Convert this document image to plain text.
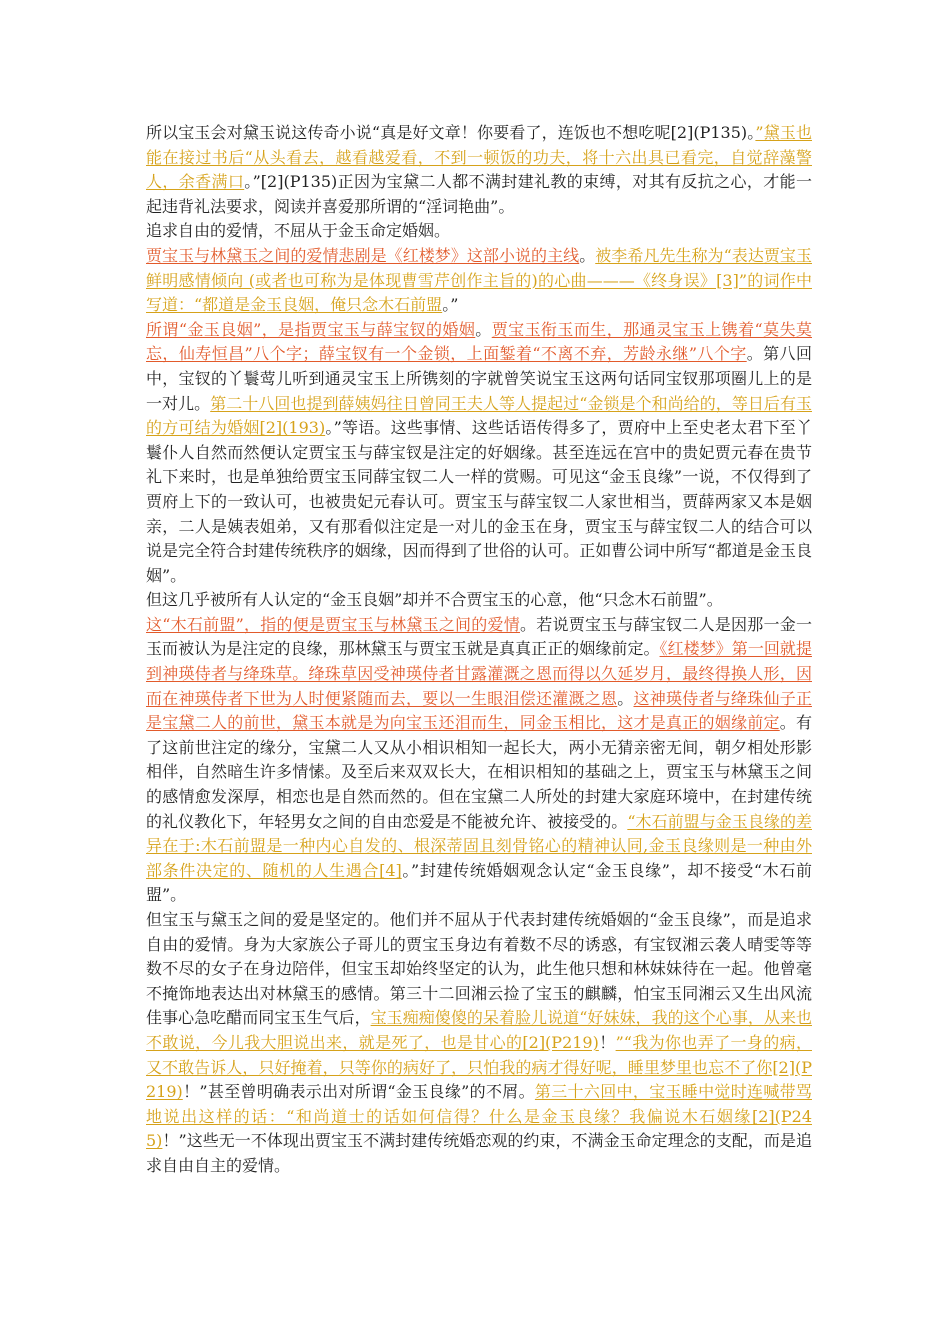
所以宝玉会对黛玉说这传奇小说“真是好文章！你要看了，连饭也不想吃呢[2](P135)。”黛玉也能在接过书后“从头看去，越看越爱看，不到一顿饭的功夫，将十六出具已看完，自觉辞藻警人，余香满口。”[2](P135)正因为宝黛二人都不满封建礼教的束缚，对其有反抗之心，才能一起违背礼法要求，阅读并喜爱那所谓的“淫词艳曲”。

追求自由的爱情，不屈从于金玉命定婚姻。

贾宝玉与林黛玉之间的爱情悲剧是《红楼梦》这部小说的主线。被李希凡先生称为“表达贾宝玉鲜明感情倾向 (或者也可称为是体现曹雪芹创作主旨的)的心曲———《终身误》[3]”的词作中写道：“都道是金玉良姻，俺只念木石前盟。”

所谓“金玉良姻”，是指贾宝玉与薛宝钗的婚姻。贾宝玉衔玉而生，那通灵宝玉上镌着“莫失莫忘，仙寿恒昌”八个字；薛宝钗有一个金锁，上面錾着“不离不弃，芳龄永继”八个字。第八回中，宝钗的丫鬟莺儿听到通灵宝玉上所镌刻的字就曾笑说宝玉这两句话同宝钗那项圈儿上的是一对儿。第二十八回也提到薛姨妈往日曾同王夫人等人提起过“金锁是个和尚给的，等日后有玉的方可结为婚姻[2](193)。”等语。这些事情、这些话语传得多了，贾府中上至史老太君下至丫鬟仆人自然而然便认定贾宝玉与薛宝钗是注定的好姻缘。甚至连远在宫中的贵妃贾元春在贵节礼下来时，也是单独给贾宝玉同薛宝钗二人一样的赏赐。可见这“金玉良缘”一说，不仅得到了贾府上下的一致认可，也被贵妃元春认可。贾宝玉与薛宝钗二人家世相当，贾薛两家又本是姻亲，二人是姨表姐弟，又有那看似注定是一对儿的金玉在身，贾宝玉与薛宝钗二人的结合可以说是完全符合封建传统秩序的姻缘，因而得到了世俗的认可。正如曹公词中所写“都道是金玉良姻”。

但这几乎被所有人认定的“金玉良姻”却并不合贾宝玉的心意，他“只念木石前盟”。

这“木石前盟”，指的便是贾宝玉与林黛玉之间的爱情。若说贾宝玉与薛宝钗二人是因那一金一玉而被认为是注定的良缘，那林黛玉与贾宝玉就是真真正正的姻缘前定。《红楼梦》第一回就提到神瑛侍者与绛珠草。绛珠草因受神瑛侍者甘露灌溉之恩而得以久延岁月，最终得换人形，因而在神瑛侍者下世为人时便紧随而去，要以一生眼泪偿还灌溉之恩。这神瑛侍者与绛珠仙子正是宝黛二人的前世，黛玉本就是为向宝玉还泪而生，同金玉相比，这才是真正的姻缘前定。有了这前世注定的缘分，宝黛二人又从小相识相知一起长大，两小无猜亲密无间，朝夕相处形影相伴，自然暗生许多情愫。及至后来双双长大，在相识相知的基础之上，贾宝玉与林黛玉之间的感情愈发深厚，相恋也是自然而然的。但在宝黛二人所处的封建大家庭环境中，在封建传统的礼仪教化下，年轻男女之间的自由恋爱是不能被允许、被接受的。“木石前盟与金玉良缘的差异在于:木石前盟是一种内心自发的、根深蒂固且刻骨铭心的精神认同,金玉良缘则是一种由外部条件决定的、随机的人生遇合[4]。”封建传统婚姻观念认定“金玉良缘”，却不接受“木石前盟”。

但宝玉与黛玉之间的爱是坚定的。他们并不屈从于代表封建传统婚姻的“金玉良缘”，而是追求自由的爱情。身为大家族公子哥儿的贾宝玉身边有着数不尽的诱惑，有宝钗湘云袭人晴雯等等数不尽的女子在身边陪伴，但宝玉却始终坚定的认为，此生他只想和林妹妹待在一起。他曾毫不掩饰地表达出对林黛玉的感情。第三十二回湘云捡了宝玉的麒麟，怕宝玉同湘云又生出风流佳事心急吃醋而同宝玉生气后，宝玉痴痴傻傻的呆着脸儿说道“好妹妹，我的这个心事，从来也不敢说，今儿我大胆说出来，就是死了，也是甘心的[2](P219)！”“我为你也弄了一身的病，又不敢告诉人，只好掩着，只等你的病好了，只怕我的病才得好呢，睡里梦里也忘不了你[2](P219)！”甚至曾明确表示出对所谓“金玉良缘”的不屑。第三十六回中，宝玉睡中觉时连喊带骂地说出这样的话：“和尚道士的话如何信得？什么是金玉良缘？我偏说木石姻缘[2](P245)！”这些无一不体现出贾宝玉不满封建传统婚恋观的约束，不满金玉命定理念的支配，而是追求自由自主的爱情。
